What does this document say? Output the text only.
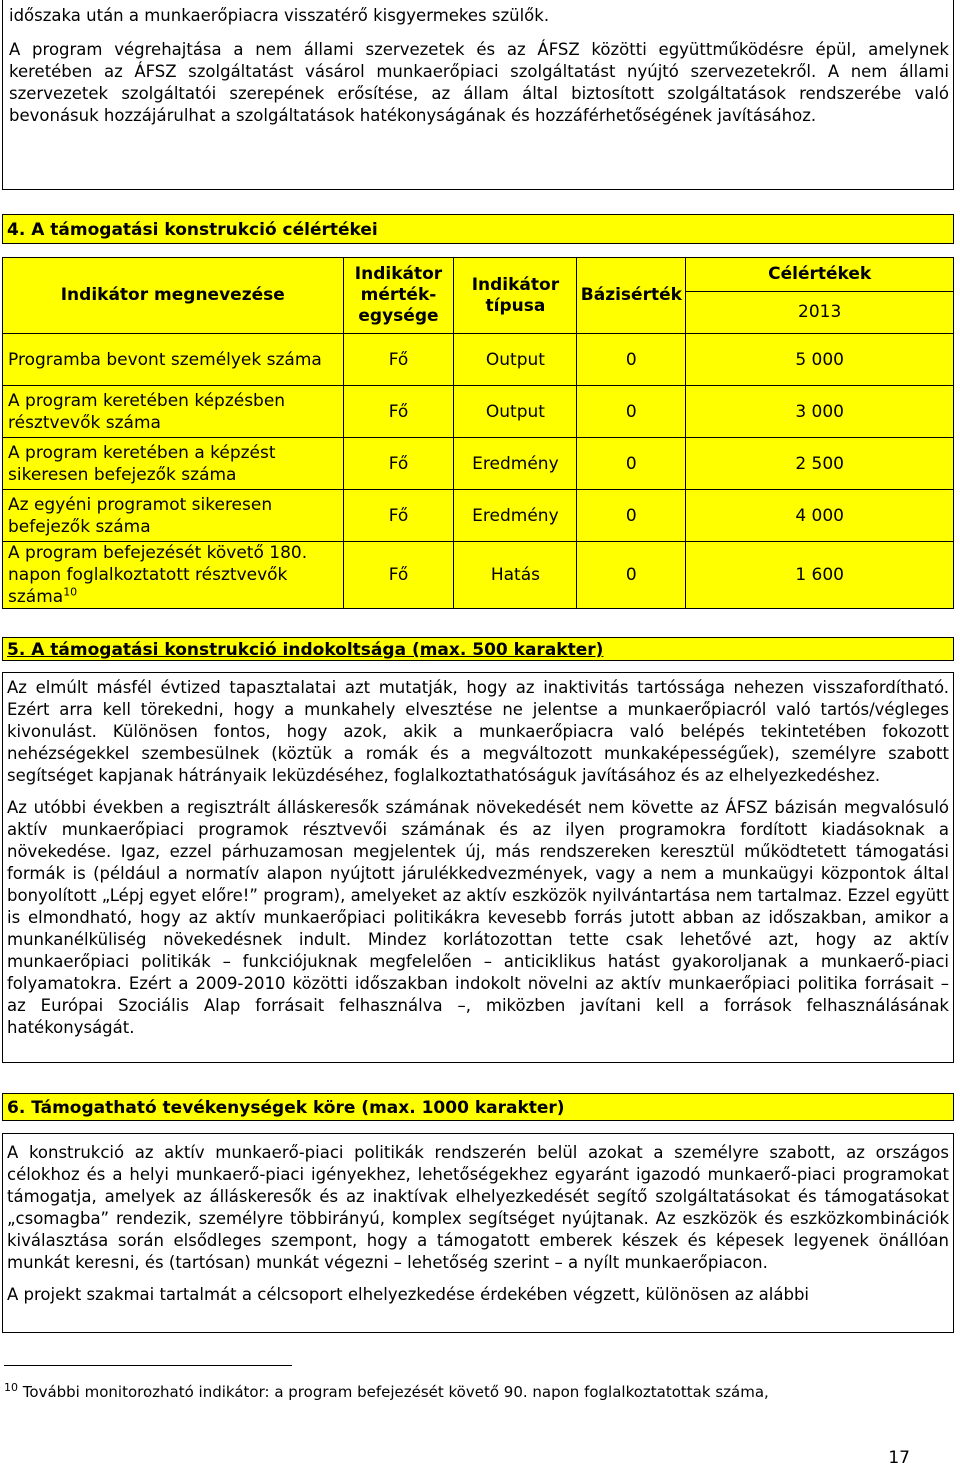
időszaka után a munkaerőpiacra visszatérő kisgyermekes szülők.

A program végrehajtása a nem állami szervezetek és az ÁFSZ közötti együttműködésre épül, amelynek keretében az ÁFSZ szolgáltatást vásárol munkaerőpiaci szolgáltatást nyújtó szervezetekről. A nem állami szervezetek szolgáltatói szerepének erősítése, az állam által biztosított szolgáltatások rendszerébe való bevonásuk hozzájárulhat a szolgáltatások hatékonyságának és hozzáférhetőségének javításához.

4. A támogatási konstrukció célértékei
Indikátor megnevezése	Indikátor mérték-egysége	Indikátor típusa	Bázisérték	Célértékek
				2013
Programba bevont személyek száma	Fő	Output	0	5 000
A program keretében képzésben résztvevők száma	Fő	Output	0	3 000
A program keretében a képzést sikeresen befejezők száma	Fő	Eredmény	0	2 500
Az egyéni programot sikeresen befejezők száma	Fő	Eredmény	0	4 000
A program befejezését követő 180. napon foglalkoztatott résztvevők száma$^{10}$	Fő	Hatás	0	1 600
5. A támogatási konstrukció indokoltsága (max. 500 karakter)

Az elmúlt másfél évtized tapasztalatai azt mutatják, hogy az inaktivitás tartóssága nehezen visszafordítható. Ezért arra kell törekedni, hogy a munkahely elvesztése ne jelentse a munkaerőpiacról való tartós/végleges kivonulást. Különösen fontos, hogy azok, akik a munkaerőpiacra való belépés tekintetében fokozott nehézségekkel szembesülnek (köztük a romák és a megváltozott munkaképességűek), személyre szabott segítséget kapjanak hátrányaik leküzdéséhez, foglalkoztathatóságuk javításához és az elhelyezkedéshez.

Az utóbbi években a regisztrált álláskeresők számának növekedését nem követte az ÁFSZ bázisán megvalósuló aktív munkaerőpiaci programok résztvevői számának és az ilyen programokra fordított kiadásoknak a növekedése. Igaz, ezzel párhuzamosan megjelentek új, más rendszereken keresztül működtetett támogatási formák is (például a normatív alapon nyújtott járulékkedvezmények, vagy a nem a munkaügyi központok által bonyolított „Lépj egyet előre!” program), amelyeket az aktív eszközök nyilvántartása nem tartalmaz. Ezzel együtt is elmondható, hogy az aktív munkaerőpiaci politikákra kevesebb forrás jutott abban az időszakban, amikor a munkanélküliség növekedésnek indult. Mindez korlátozottan tette csak lehetővé azt, hogy az aktív munkaerőpiaci politikák – funkciójuknak megfelelően – anticiklikus hatást gyakoroljanak a munkaerő-piaci folyamatokra. Ezért a 2009-2010 közötti időszakban indokolt növelni az aktív munkaerőpiaci politika forrásait – az Európai Szociális Alap forrásait felhasználva –, miközben javítani kell a források felhasználásának hatékonyságát.

6. Támogatható tevékenységek köre (max. 1000 karakter)

A konstrukció az aktív munkaerő-piaci politikák rendszerén belül azokat a személyre szabott, az országos célokhoz és a helyi munkaerő-piaci igényekhez, lehetőségekhez egyaránt igazodó munkaerő-piaci programokat támogatja, amelyek az álláskeresők és az inaktívak elhelyezkedését segítő szolgáltatásokat és támogatásokat „csomagba” rendezik, személyre többirányú, komplex segítséget nyújtanak. Az eszközök és eszközkombinációk kiválasztása során elsődleges szempont, hogy a támogatott emberek készek és képesek legyenek önállóan munkát keresni, és (tartósan) munkát végezni – lehetőség szerint – a nyílt munkaerőpiacon.

A projekt szakmai tartalmát a célcsoport elhelyezkedése érdekében végzett, különösen az alábbi

$^{10}$ További monitorozható indikátor: a program befejezését követő 90. napon foglalkoztatottak száma,
17
